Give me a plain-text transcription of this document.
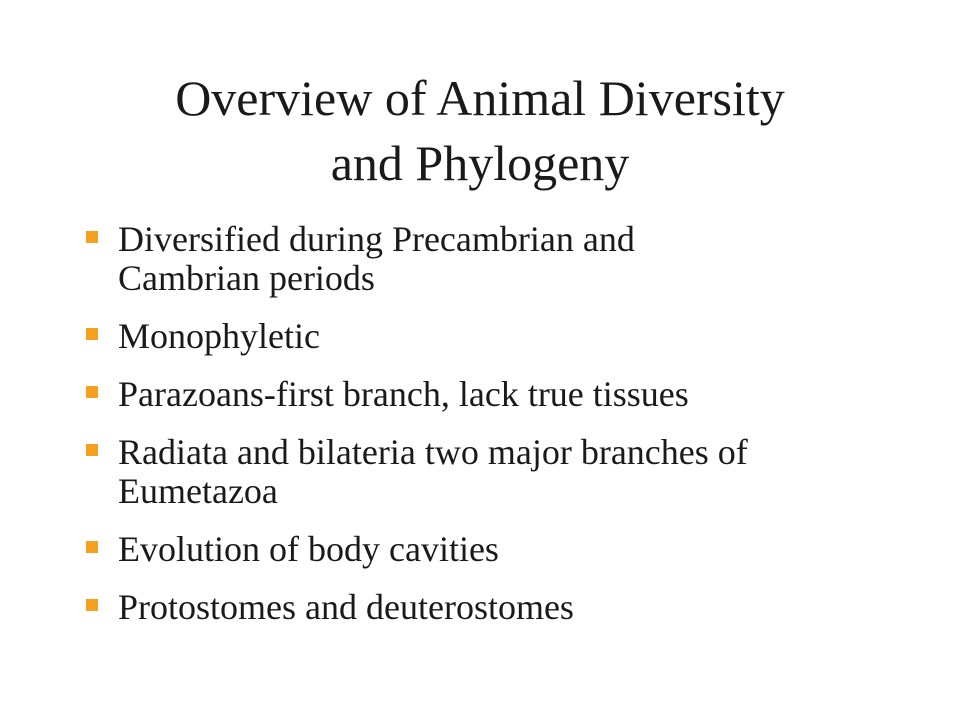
Overview of Animal Diversity
and Phylogeny
Diversified during Precambrian and
Cambrian periods
Monophyletic
Parazoans-first branch, lack true tissues
Radiata and bilateria two major branches of
Eumetazoa
Evolution of body cavities
Protostomes and deuterostomes
